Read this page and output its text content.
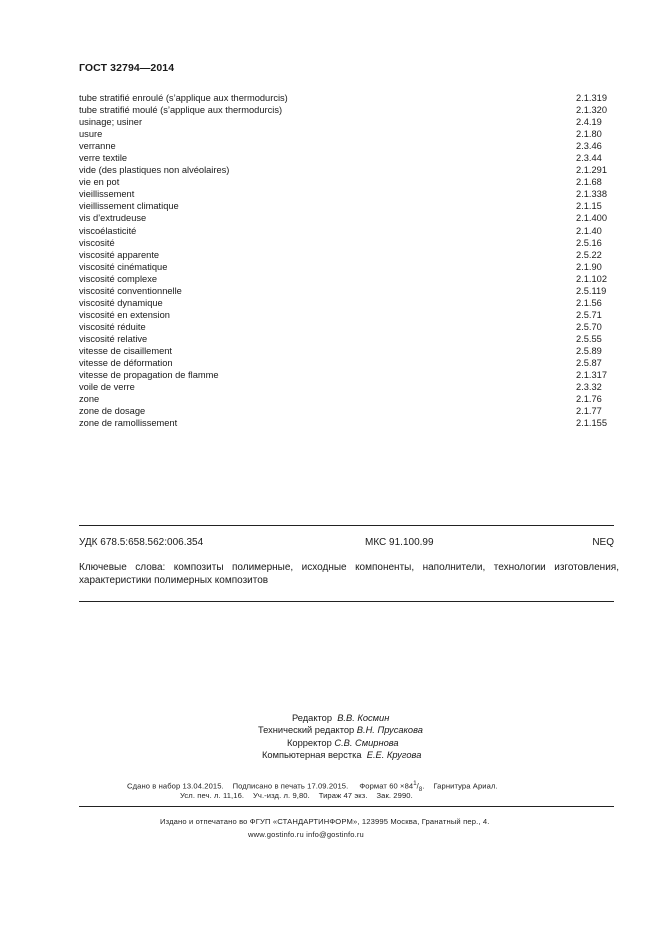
ГОСТ 32794—2014
tube stratifié enroulé (s’applique aux thermodurcis)	2.1.319
tube stratifié moulé (s’applique aux thermodurcis)	2.1.320
usinage; usiner	2.4.19
usure	2.1.80
verranne	2.3.46
verre textile	2.3.44
vide (des plastiques non alvéolaires)	2.1.291
vie en pot	2.1.68
vieillissement	2.1.338
vieillissement climatique	2.1.15
vis d’extrudeuse	2.1.400
viscoélasticité	2.1.40
viscosité	2.5.16
viscosité apparente	2.5.22
viscosité cinématique	2.1.90
viscosité complexe	2.1.102
viscosité conventionnelle	2.5.119
viscosité dynamique	2.1.56
viscosité en extension	2.5.71
viscosité réduite	2.5.70
viscosité relative	2.5.55
vitesse de cisaillement	2.5.89
vitesse de déformation	2.5.87
vitesse de propagation de flamme	2.1.317
voile de verre	2.3.32
zone	2.1.76
zone de dosage	2.1.77
zone de ramollissement	2.1.155
УДК 678.5:658.562:006.354	МКС 91.100.99	NEQ
Ключевые слова: композиты полимерные, исходные компоненты, наполнители, технологии изготовления, характеристики полимерных композитов
Редактор В.В. Космин
Технический редактор В.Н. Прусакова
Корректор С.В. Смирнова
Компьютерная верстка Е.Е. Кругова
Сдано в набор 13.04.2015. Подписано в печать 17.09.2015. Формат $60 \times 84^1/_8$.    Гарнитура Ариал.
Усл. печ. л. 11,16. Уч.-изд. л. 9,80. Тираж 47 экз. Зак. 2990.
Издано и отпечатано во ФГУП «СТАНДАРТИНФОРМ», 123995 Москва, Гранатный пер., 4.
www.gostinfo.ru info@gostinfo.ru
